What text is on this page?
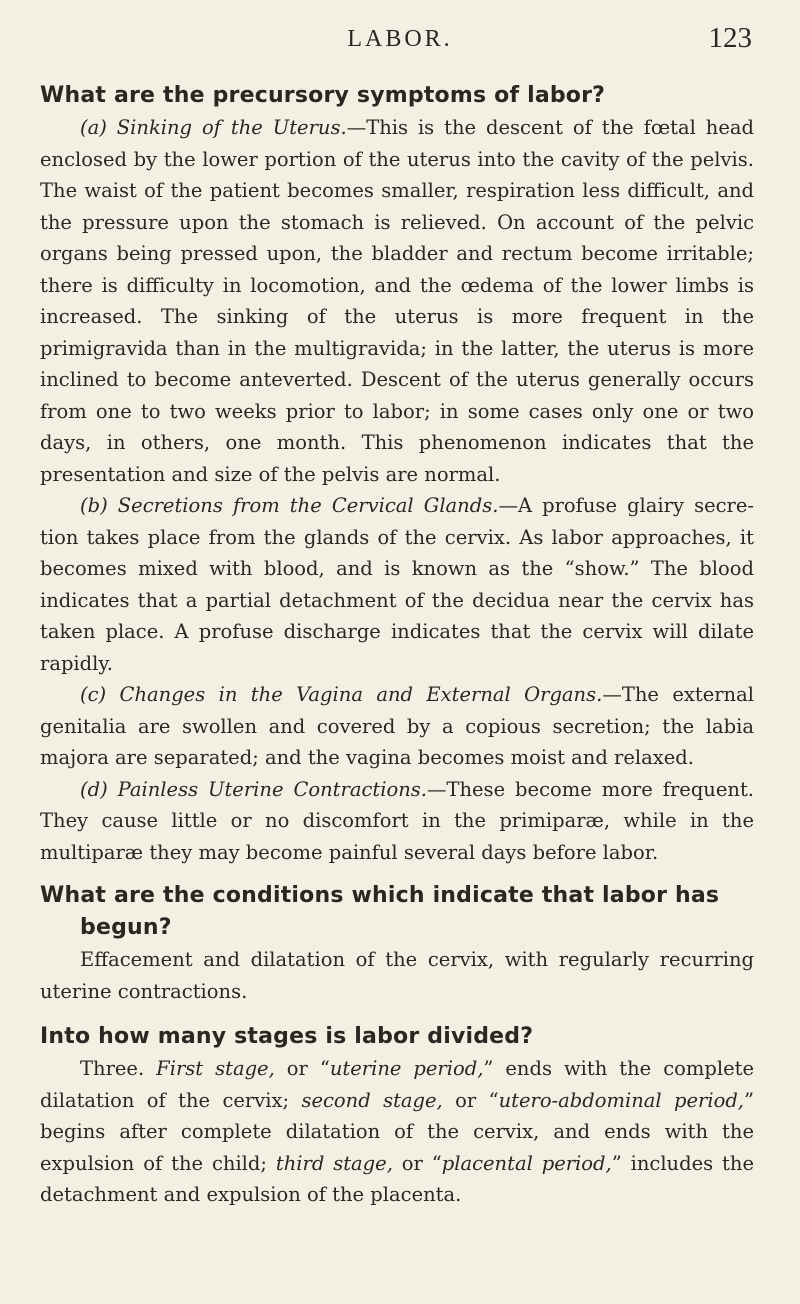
LABOR.	123
What are the precursory symptoms of labor?

(a) Sinking of the Uterus.—This is the descent of the fœtal head enclosed by the lower portion of the uterus into the cavity of the pelvis. The waist of the patient becomes smaller, respiration less difficult, and the pressure upon the stomach is relieved. On account of the pelvic organs being pressed upon, the bladder and rectum become irritable; there is difficulty in locomotion, and the œdema of the lower limbs is increased. The sinking of the uterus is more frequent in the primigravida than in the multigravida; in the latter, the uterus is more inclined to become anteverted. Descent of the uterus generally occurs from one to two weeks prior to labor; in some cases only one or two days, in others, one month. This phenomenon indicates that the presentation and size of the pelvis are normal.

(b) Secretions from the Cervical Glands.—A profuse glairy secretion takes place from the glands of the cervix. As labor approaches, it becomes mixed with blood, and is known as the “show.” The blood indicates that a partial detachment of the decidua near the cervix has taken place. A profuse discharge indicates that the cervix will dilate rapidly.

(c) Changes in the Vagina and External Organs.—The external genitalia are swollen and covered by a copious secretion; the labia majora are separated; and the vagina becomes moist and relaxed.

(d) Painless Uterine Contractions.—These become more frequent. They cause little or no discomfort in the primiparæ, while in the multiparæ they may become painful several days before labor.

What are the conditions which indicate that labor has
begun?

Effacement and dilatation of the cervix, with regularly recurring uterine contractions.

Into how many stages is labor divided?

Three. First stage, or “uterine period,” ends with the complete dilatation of the cervix; second stage, or “utero-abdominal period,” begins after complete dilatation of the cervix, and ends with the expulsion of the child; third stage, or “placental period,” includes the detachment and expulsion of the placenta.
